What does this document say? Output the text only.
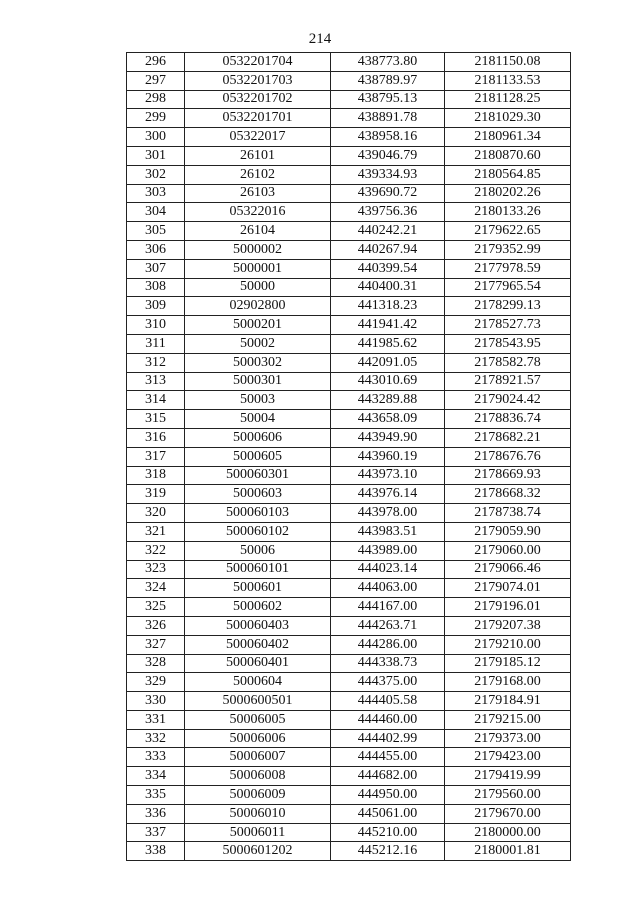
214
296	0532201704	438773.80	2181150.08
297	0532201703	438789.97	2181133.53
298	0532201702	438795.13	2181128.25
299	0532201701	438891.78	2181029.30
300	05322017	438958.16	2180961.34
301	26101	439046.79	2180870.60
302	26102	439334.93	2180564.85
303	26103	439690.72	2180202.26
304	05322016	439756.36	2180133.26
305	26104	440242.21	2179622.65
306	5000002	440267.94	2179352.99
307	5000001	440399.54	2177978.59
308	50000	440400.31	2177965.54
309	02902800	441318.23	2178299.13
310	5000201	441941.42	2178527.73
311	50002	441985.62	2178543.95
312	5000302	442091.05	2178582.78
313	5000301	443010.69	2178921.57
314	50003	443289.88	2179024.42
315	50004	443658.09	2178836.74
316	5000606	443949.90	2178682.21
317	5000605	443960.19	2178676.76
318	500060301	443973.10	2178669.93
319	5000603	443976.14	2178668.32
320	500060103	443978.00	2178738.74
321	500060102	443983.51	2179059.90
322	50006	443989.00	2179060.00
323	500060101	444023.14	2179066.46
324	5000601	444063.00	2179074.01
325	5000602	444167.00	2179196.01
326	500060403	444263.71	2179207.38
327	500060402	444286.00	2179210.00
328	500060401	444338.73	2179185.12
329	5000604	444375.00	2179168.00
330	5000600501	444405.58	2179184.91
331	50006005	444460.00	2179215.00
332	50006006	444402.99	2179373.00
333	50006007	444455.00	2179423.00
334	50006008	444682.00	2179419.99
335	50006009	444950.00	2179560.00
336	50006010	445061.00	2179670.00
337	50006011	445210.00	2180000.00
338	5000601202	445212.16	2180001.81
